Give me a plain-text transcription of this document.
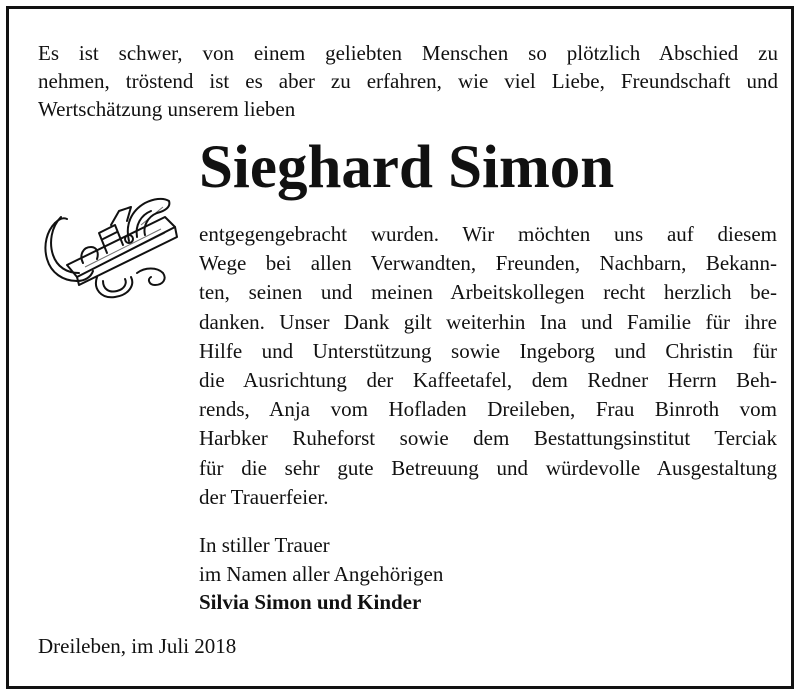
Es ist schwer, von einem geliebten Menschen so plötzlich Abschied zu
nehmen, tröstend ist es aber zu erfahren, wie viel Liebe, Freundschaft und
Wertschätzung unserem lieben

Sieghard Simon

entgegengebracht wurden. Wir möchten uns auf diesem
Wege bei allen Verwandten, Freunden, Nachbarn, Bekann-
ten, seinen und meinen Arbeitskollegen recht herzlich be-
danken. Unser Dank gilt weiterhin Ina und Familie für ihre
Hilfe und Unterstützung sowie Ingeborg und Christin für
die Ausrichtung der Kaffeetafel, dem Redner Herrn Beh-
rends, Anja vom Hofladen Dreileben, Frau Binroth vom
Harbker Ruheforst sowie dem Bestattungsinstitut Terciak
für die sehr gute Betreuung und würdevolle Ausgestaltung
der Trauerfeier.

In stiller Trauer
im Namen aller Angehörigen
Silvia Simon und Kinder

Dreileben, im Juli 2018
